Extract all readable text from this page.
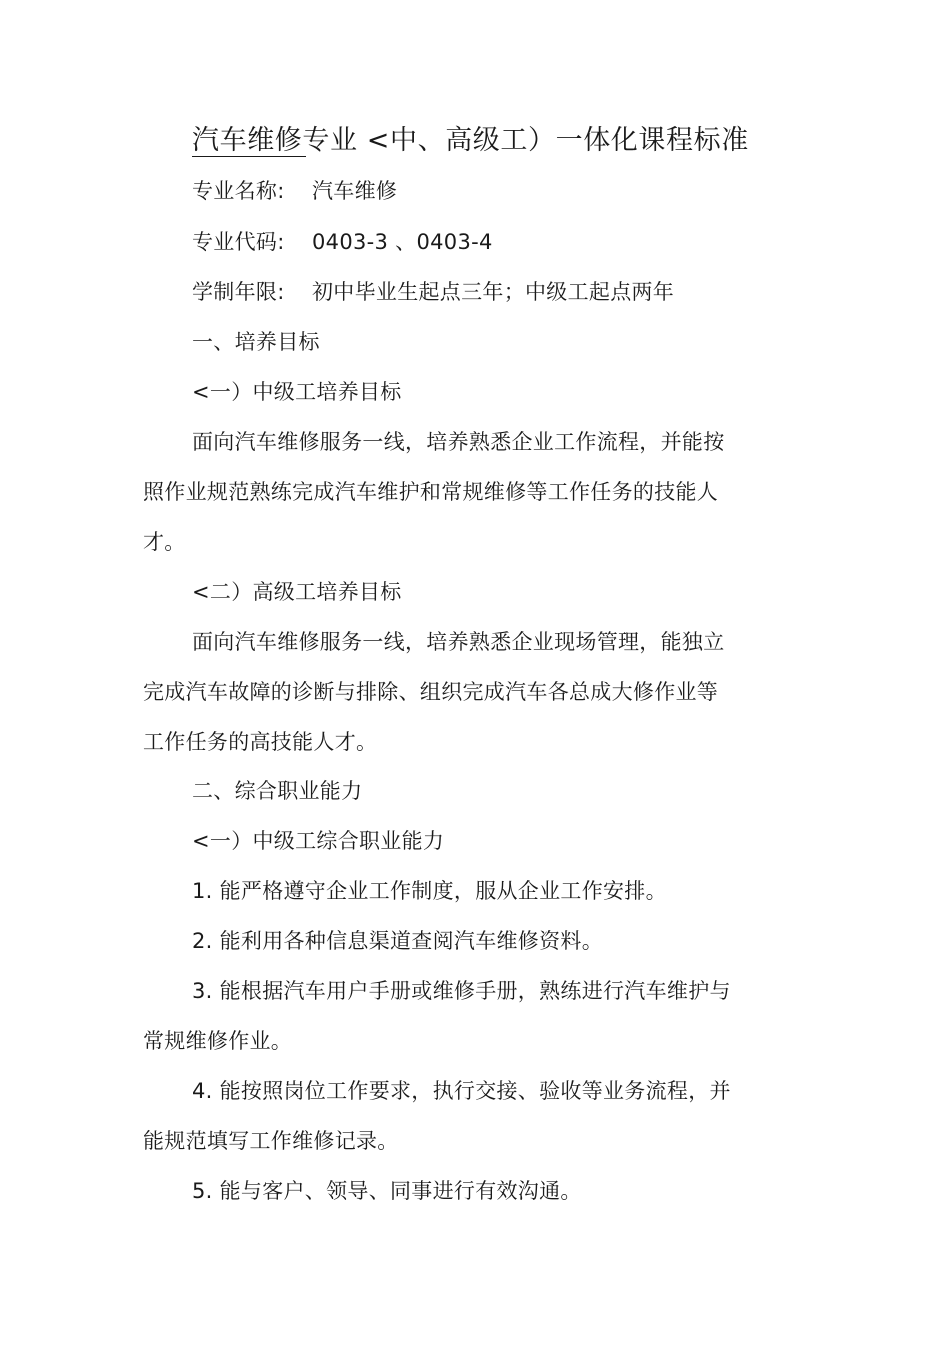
汽车维修专业 <中、高级工）一体化课程标准
专业名称: 汽车维修
专业代码: 0403-3 、0403-4
学制年限: 初中毕业生起点三年；中级工起点两年
一、培养目标
<一）中级工培养目标
面向汽车维修服务一线，培养熟悉企业工作流程，并能按
照作业规范熟练完成汽车维护和常规维修等工作任务的技能人
才。
<二）高级工培养目标
面向汽车维修服务一线，培养熟悉企业现场管理，能独立
完成汽车故障的诊断与排除、组织完成汽车各总成大修作业等
工作任务的高技能人才。
二、综合职业能力
<一）中级工综合职业能力
1. 能严格遵守企业工作制度，服从企业工作安排。
2. 能利用各种信息渠道查阅汽车维修资料。
3. 能根据汽车用户手册或维修手册，熟练进行汽车维护与
常规维修作业。
4. 能按照岗位工作要求，执行交接、验收等业务流程，并
能规范填写工作维修记录。
5. 能与客户、领导、同事进行有效沟通。
